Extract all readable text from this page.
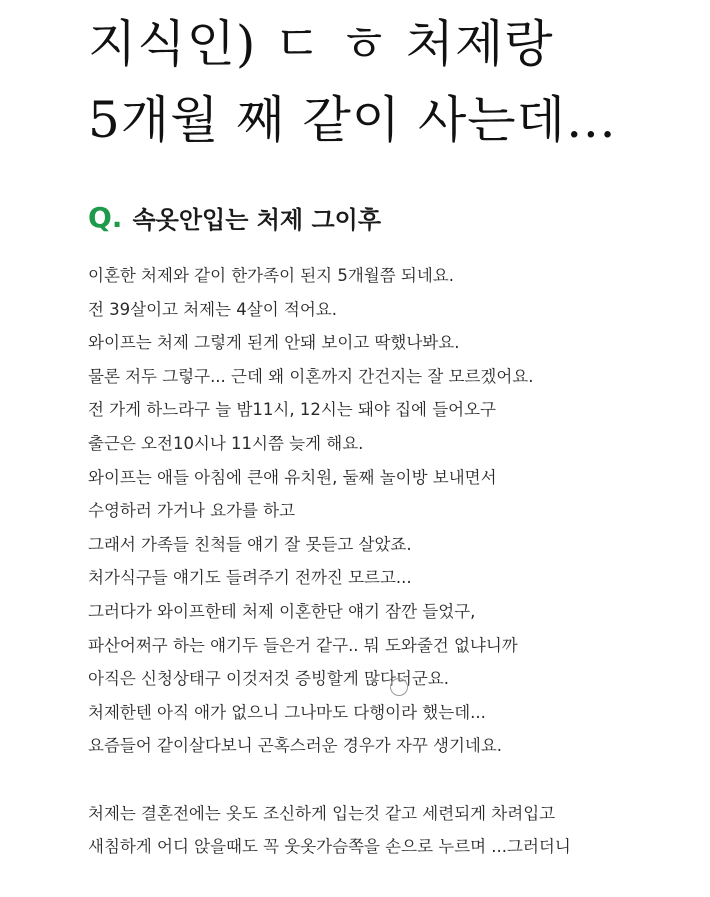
지식인) ㄷ ㅎ 처제랑
5개월 째 같이 사는데…
Q. 속옷안입는 처제 그이후

이혼한 처제와 같이 한가족이 된지 5개월쯤 되네요.
전 39살이고 처제는 4살이 적어요.
와이프는 처제 그렇게 된게 안돼 보이고 딱했나봐요.
물론 저두 그렇구... 근데 왜 이혼까지 간건지는 잘 모르겠어요.
전 가게 하느라구 늘 밤11시, 12시는 돼야 집에 들어오구
출근은 오전10시나 11시쯤 늦게 해요.
와이프는 애들 아침에 큰애 유치원, 둘째 놀이방 보내면서
수영하러 가거나 요가를 하고
그래서 가족들 친척들 얘기 잘 못듣고 살았죠.
처가식구들 얘기도 들려주기 전까진 모르고...
그러다가 와이프한테 처제 이혼한단 얘기 잠깐 들었구,
파산어쩌구 하는 얘기두 들은거 같구.. 뭐 도와줄건 없냐니까
아직은 신청상태구 이것저것 증빙할게 많다더군요.
처제한텐 아직 애가 없으니 그나마도 다행이라 했는데...
요즘들어 같이살다보니 곤혹스러운 경우가 자꾸 생기네요.

처제는 결혼전에는 옷도 조신하게 입는것 같고 세련되게 차려입고
새침하게 어디 앉을때도 꼭 웃옷가슴쪽을 손으로 누르며 ...그러더니
